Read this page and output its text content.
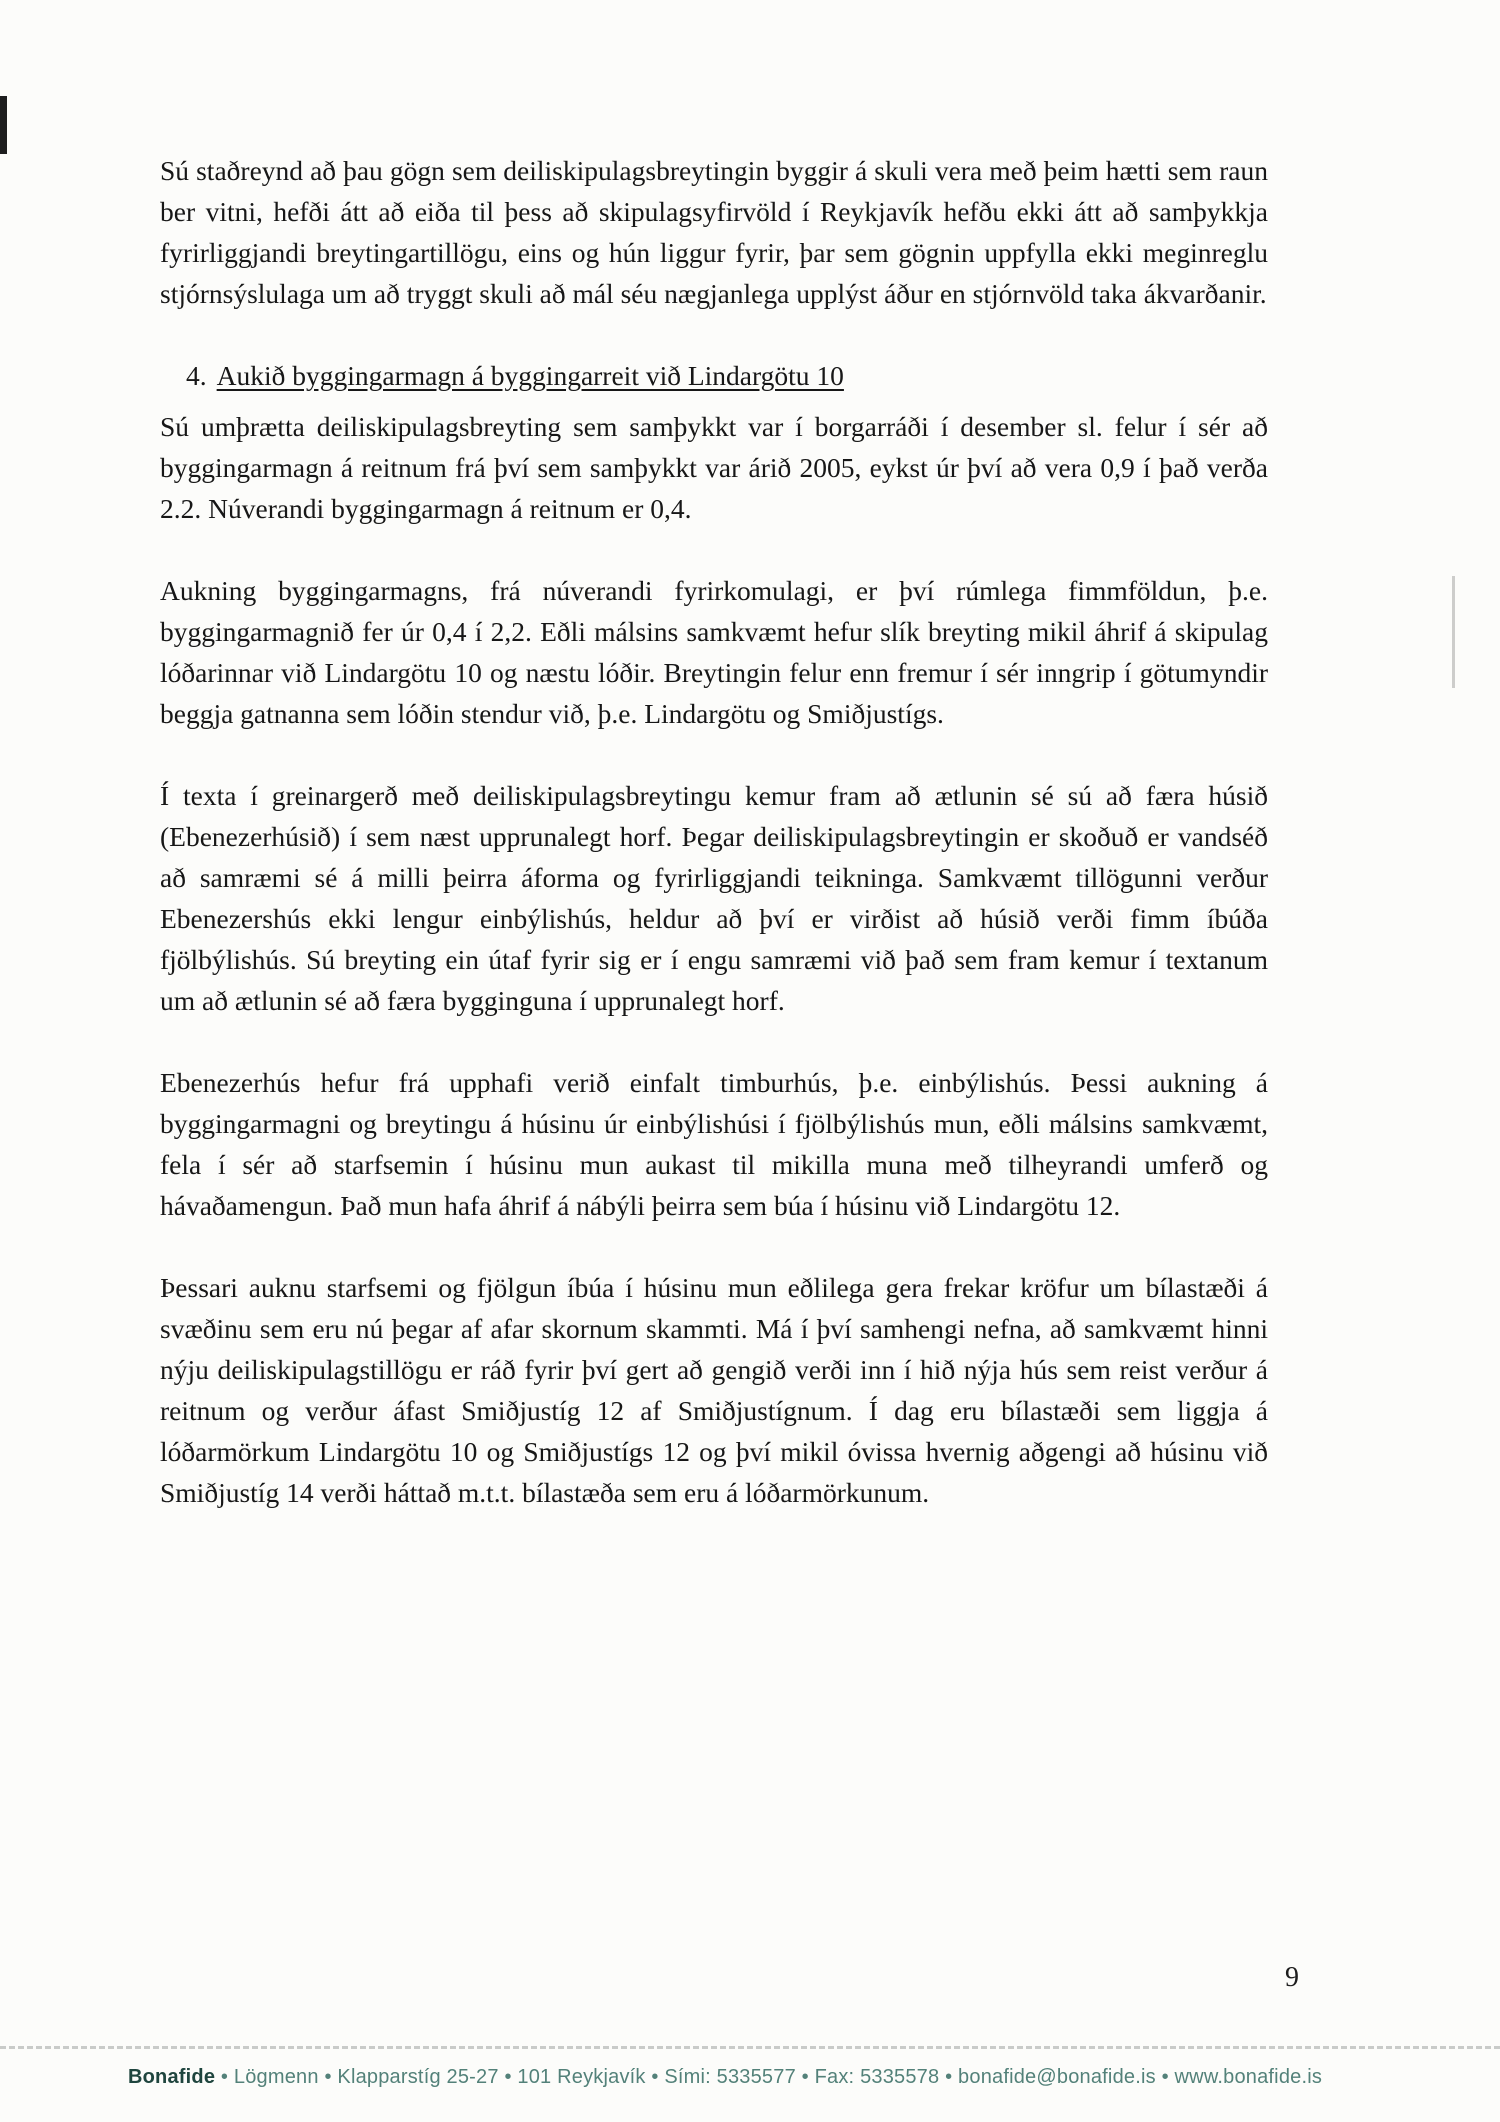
Sú staðreynd að þau gögn sem deiliskipulagsbreytingin byggir á skuli vera með þeim hætti sem raun ber vitni, hefði átt að eiða til þess að skipulagsyfirvöld í Reykjavík hefðu ekki átt að samþykkja fyrirliggjandi breytingartillögu, eins og hún liggur fyrir, þar sem gögnin uppfylla ekki meginreglu stjórnsýslulaga um að tryggt skuli að mál séu nægjanlega upplýst áður en stjórnvöld taka ákvarðanir.

4. Aukið byggingarmagn á byggingarreit við Lindargötu 10

Sú umþrætta deiliskipulagsbreyting sem samþykkt var í borgarráði í desember sl. felur í sér að byggingarmagn á reitnum frá því sem samþykkt var árið 2005, eykst úr því að vera 0,9 í það verða 2.2. Núverandi byggingarmagn á reitnum er 0,4.

Aukning byggingarmagns, frá núverandi fyrirkomulagi, er því rúmlega fimmföldun, þ.e. byggingarmagnið fer úr 0,4 í 2,2. Eðli málsins samkvæmt hefur slík breyting mikil áhrif á skipulag lóðarinnar við Lindargötu 10 og næstu lóðir. Breytingin felur enn fremur í sér inngrip í götumyndir beggja gatnanna sem lóðin stendur við, þ.e. Lindargötu og Smiðjustígs.

Í texta í greinargerð með deiliskipulagsbreytingu kemur fram að ætlunin sé sú að færa húsið (Ebenezerhúsið) í sem næst upprunalegt horf. Þegar deiliskipulagsbreytingin er skoðuð er vandséð að samræmi sé á milli þeirra áforma og fyrirliggjandi teikninga. Samkvæmt tillögunni verður Ebenezershús ekki lengur einbýlishús, heldur að því er virðist að húsið verði fimm íbúða fjölbýlishús. Sú breyting ein útaf fyrir sig er í engu samræmi við það sem fram kemur í textanum um að ætlunin sé að færa bygginguna í upprunalegt horf.

Ebenezerhús hefur frá upphafi verið einfalt timburhús, þ.e. einbýlishús. Þessi aukning á byggingarmagni og breytingu á húsinu úr einbýlishúsi í fjölbýlishús mun, eðli málsins samkvæmt, fela í sér að starfsemin í húsinu mun aukast til mikilla muna með tilheyrandi umferð og hávaðamengun. Það mun hafa áhrif á nábýli þeirra sem búa í húsinu við Lindargötu 12.

Þessari auknu starfsemi og fjölgun íbúa í húsinu mun eðlilega gera frekar kröfur um bílastæði á svæðinu sem eru nú þegar af afar skornum skammti. Má í því samhengi nefna, að samkvæmt hinni nýju deiliskipulagstillögu er ráð fyrir því gert að gengið verði inn í hið nýja hús sem reist verður á reitnum og verður áfast Smiðjustíg 12 af Smiðjustígnum. Í dag eru bílastæði sem liggja á lóðarmörkum Lindargötu 10 og Smiðjustígs 12 og því mikil óvissa hvernig aðgengi að húsinu við Smiðjustíg 14 verði háttað m.t.t. bílastæða sem eru á lóðarmörkunum.

9
Bonafide • Lögmenn • Klapparstíg 25-27 • 101 Reykjavík • Sími: 5335577 • Fax: 5335578 • bonafide@bonafide.is • www.bonafide.is
